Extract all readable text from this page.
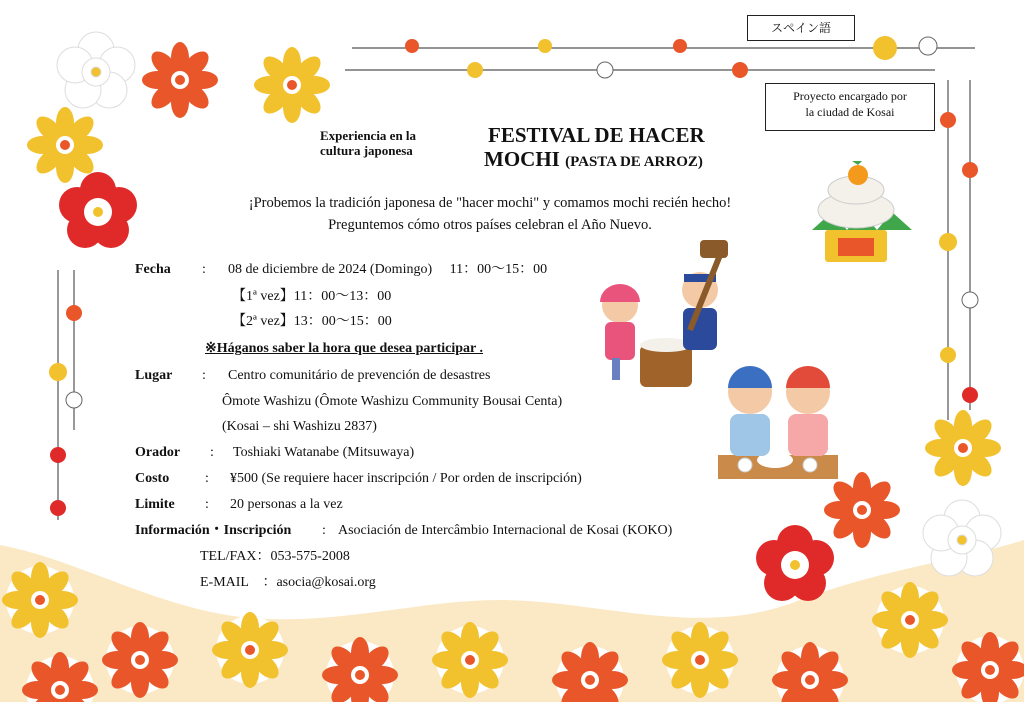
スペイン語
Proyecto encargado por
la ciudad de Kosai
Experiencia en la
cultura japonesa
FESTIVAL DE HACER
MOCHI (PASTA DE ARROZ)
¡Probemos la tradición japonesa de "hacer mochi" y comamos mochi recién hecho!
Preguntemos cómo otros países celebran el Año Nuevo.
Fecha : 08 de diciembre de 2024 (Domingo)　 11：00〜15：00
【1ª vez】11：00〜13：00
【2ª vez】13：00〜15：00
※Háganos saber la hora que desea participar .
Lugar : Centro comunitário de prevención de desastres
Ômote Washizu (Ômote Washizu Community Bousai Centa)
(Kosai – shi Washizu 2837)
Orador : Toshiaki Watanabe (Mitsuwaya)
Costo	: ¥500 (Se requiere hacer inscripción / Por orden de inscripción)
Limite : 20 personas a la vez
Información・Inscripción : Asociación de Intercâmbio Internacional de Kosai (KOKO)
TEL/FAX：053-575-2008
E-MAIL　：asocia@kosai.org
